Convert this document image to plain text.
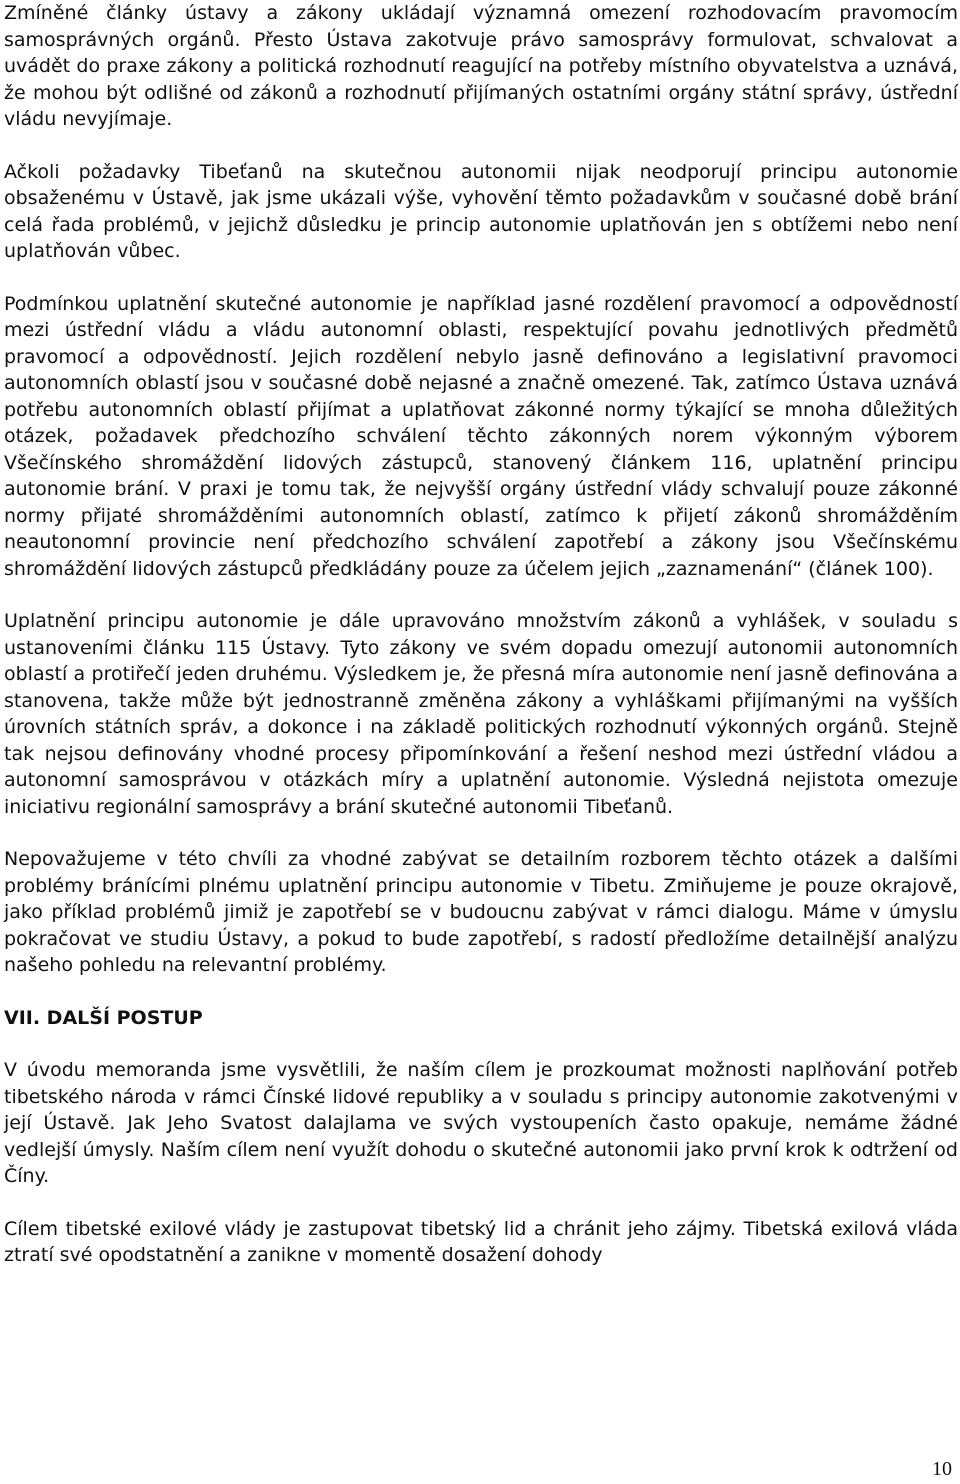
Zmíněné články ústavy a zákony ukládají významná omezení rozhodovacím pravomocím samosprávných orgánů. Přesto Ústava zakotvuje právo samosprávy formulovat, schvalovat a uvádět do praxe zákony a politická rozhodnutí reagující na potřeby místního obyvatelstva a uznává, že mohou být odlišné od zákonů a rozhodnutí přijímaných ostatními orgány státní správy, ústřední vládu nevyjímaje.

Ačkoli požadavky Tibeťanů na skutečnou autonomii nijak neodporují principu autonomie obsaženému v Ústavě, jak jsme ukázali výše, vyhovění těmto požadavkům v současné době brání celá řada problémů, v jejichž důsledku je princip autonomie uplatňován jen s obtížemi nebo není uplatňován vůbec.

Podmínkou uplatnění skutečné autonomie je například jasné rozdělení pravomocí a odpovědností mezi ústřední vládu a vládu autonomní oblasti, respektující povahu jednotlivých předmětů pravomocí a odpovědností. Jejich rozdělení nebylo jasně definováno a legislativní pravomoci autonomních oblastí jsou v současné době nejasné a značně omezené. Tak, zatímco Ústava uznává potřebu autonomních oblastí přijímat a uplatňovat zákonné normy týkající se mnoha důležitých otázek, požadavek předchozího schválení těchto zákonných norem výkonným výborem Všečínského shromáždění lidových zástupců, stanovený článkem 116, uplatnění principu autonomie brání. V praxi je tomu tak, že nejvyšší orgány ústřední vlády schvalují pouze zákonné normy přijaté shromážděními autonomních oblastí, zatímco k přijetí zákonů shromážděním neautonomní provincie není předchozího schválení zapotřebí a zákony jsou Všečínskému shromáždění lidových zástupců předkládány pouze za účelem jejich „zaznamenání“ (článek 100).

Uplatnění principu autonomie je dále upravováno množstvím zákonů a vyhlášek, v souladu s ustanoveními článku 115 Ústavy. Tyto zákony ve svém dopadu omezují autonomii autonomních oblastí a protiřečí jeden druhému. Výsledkem je, že přesná míra autonomie není jasně definována a stanovena, takže může být jednostranně změněna zákony a vyhláškami přijímanými na vyšších úrovních státních správ, a dokonce i na základě politických rozhodnutí výkonných orgánů. Stejně tak nejsou definovány vhodné procesy připomínkování a řešení neshod mezi ústřední vládou a autonomní samosprávou v otázkách míry a uplatnění autonomie. Výsledná nejistota omezuje iniciativu regionální samosprávy a brání skutečné autonomii Tibeťanů.

Nepovažujeme v této chvíli za vhodné zabývat se detailním rozborem těchto otázek a dalšími problémy bránícími plnému uplatnění principu autonomie v Tibetu. Zmiňujeme je pouze okrajově, jako příklad problémů jimiž je zapotřebí se v budoucnu zabývat v rámci dialogu. Máme v úmyslu pokračovat ve studiu Ústavy, a pokud to bude zapotřebí, s radostí předložíme detailnější analýzu našeho pohledu na relevantní problémy.

VII. DALŠÍ POSTUP

V úvodu memoranda jsme vysvětlili, že naším cílem je prozkoumat možnosti naplňování potřeb tibetského národa v rámci Čínské lidové republiky a v souladu s principy autonomie zakotvenými v její Ústavě. Jak Jeho Svatost dalajlama ve svých vystoupeních často opakuje, nemáme žádné vedlejší úmysly. Naším cílem není využít dohodu o skutečné autonomii jako první krok k odtržení od Číny.

Cílem tibetské exilové vlády je zastupovat tibetský lid a chránit jeho zájmy. Tibetská exilová vláda ztratí své opodstatnění a zanikne v momentě dosažení dohody

10
